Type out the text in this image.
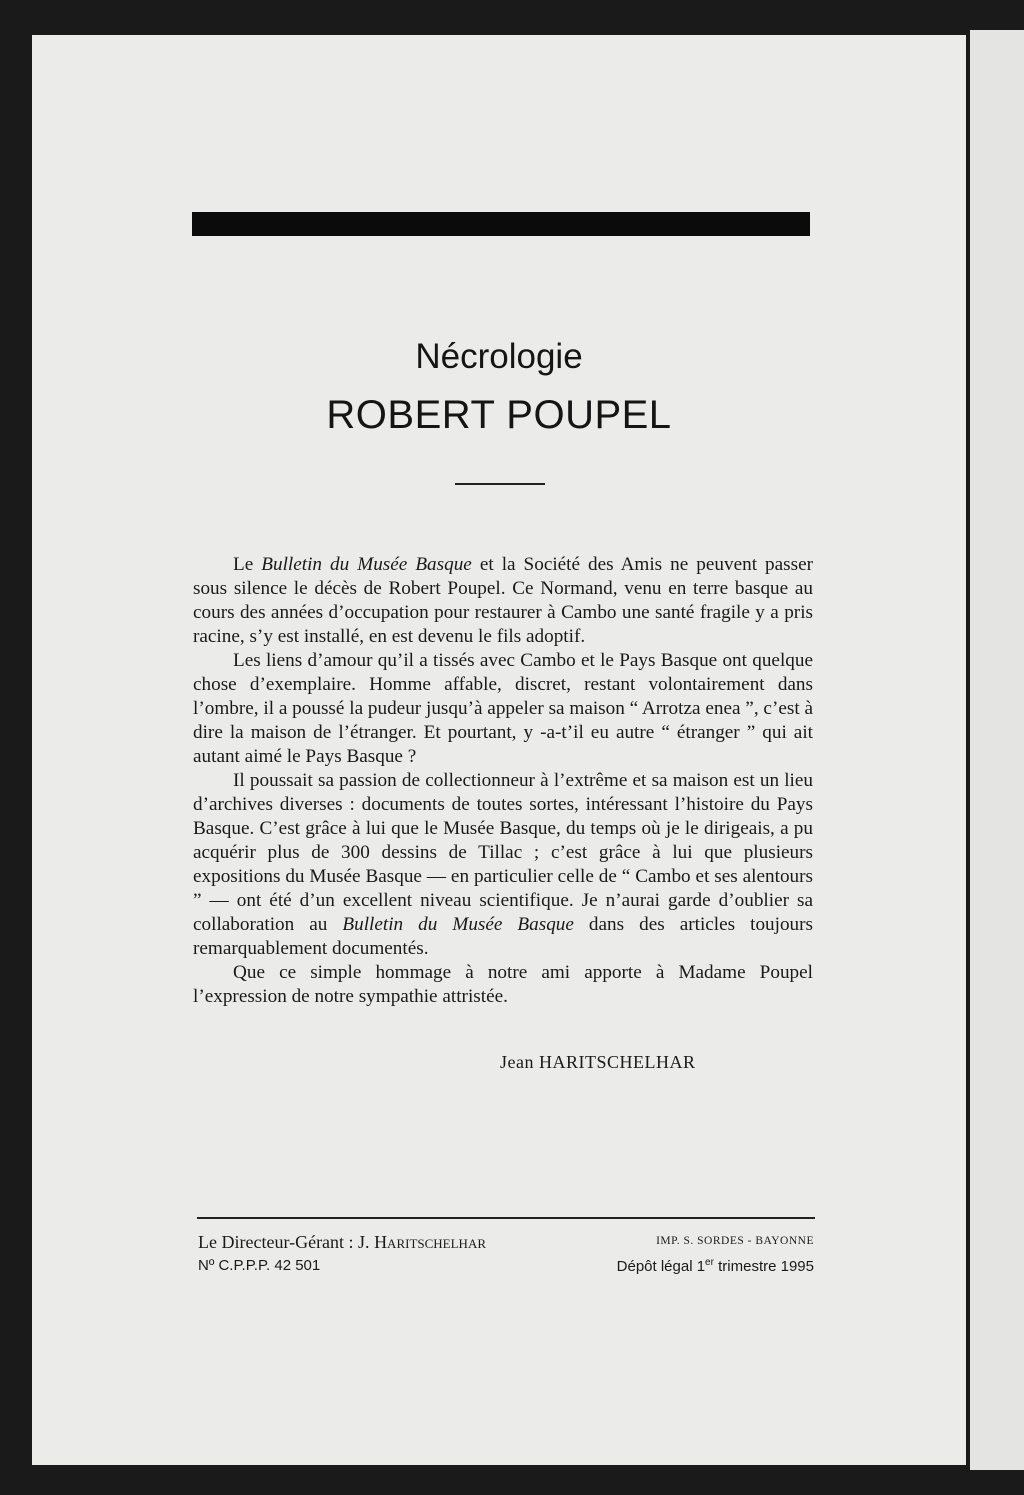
Nécrologie
ROBERT POUPEL

Le Bulletin du Musée Basque et la Société des Amis ne peuvent passer sous silence le décès de Robert Poupel. Ce Normand, venu en terre basque au cours des années d’occupation pour restaurer à Cambo une santé fragile y a pris racine, s’y est installé, en est devenu le fils adoptif.

Les liens d’amour qu’il a tissés avec Cambo et le Pays Basque ont quelque chose d’exemplaire. Homme affable, discret, restant volontairement dans l’ombre, il a poussé la pudeur jusqu’à appeler sa maison “ Arrotza enea ”, c’est à dire la maison de l’étranger. Et pourtant, y -a-t’il eu autre “ étranger ” qui ait autant aimé le Pays Basque ?

Il poussait sa passion de collectionneur à l’extrême et sa maison est un lieu d’archives diverses : documents de toutes sortes, intéressant l’histoire du Pays Basque. C’est grâce à lui que le Musée Basque, du temps où je le dirigeais, a pu acquérir plus de 300 dessins de Tillac ; c’est grâce à lui que plusieurs expositions du Musée Basque — en particulier celle de “ Cambo et ses alentours ” — ont été d’un excellent niveau scientifique. Je n’aurai garde d’oublier sa collaboration au Bulletin du Musée Basque dans des articles toujours remarquablement documentés.

Que ce simple hommage à notre ami apporte à Madame Poupel l’expression de notre sympathie attristée.

Jean HARITSCHELHAR
Le Directeur-Gérant : J. Haritschelhar
Nº C.P.P.P. 42 501
IMP. S. SORDES - BAYONNE
Dépôt légal 1er trimestre 1995
